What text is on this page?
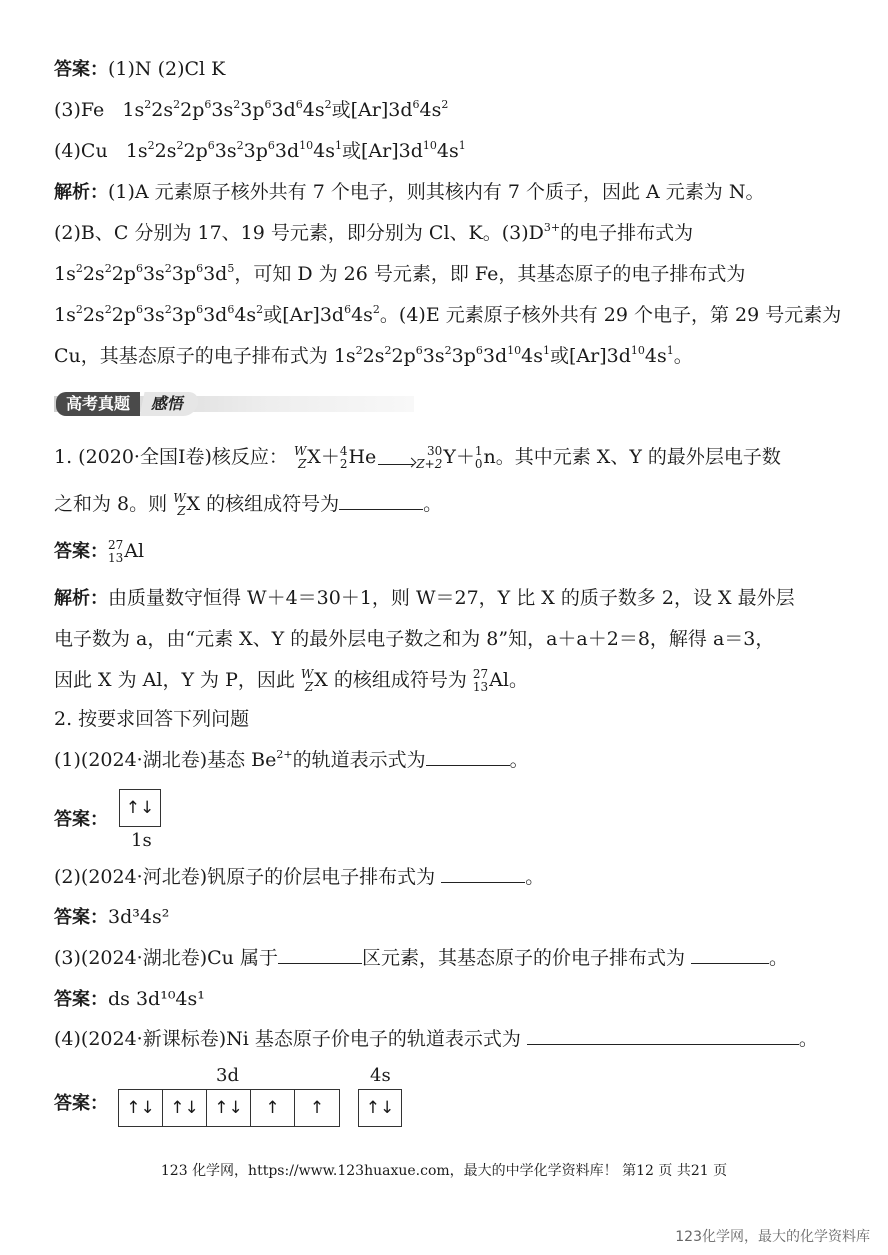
答案：(1)N (2)Cl K
(3)Fe   $1s^22s^22p^63s^23p^63d^64s^2$或$[Ar]3d^64s^2$
(4)Cu   $1s^22s^22p^63s^23p^63d^{10}4s^1$或$[Ar]3d^{10}4s^1$
解析：(1)A 元素原子核外共有 7 个电子，则其核内有 7 个质子，因此 A 元素为 N。
(2)B、C 分别为 17、19 号元素，即分别为 Cl、K。$(3)D^{3+}$的电子排布式为
$1s^22s^22p^63s^23p^63d^5$，可知 D 为 26 号元素，即 Fe，其基态原子的电子排布式为
$1s^22s^22p^63s^23p^63d^64s^2$或$[Ar]3d^64s^2$。(4)E 元素原子核外共有 29 个电子，第 29 号元素为
Cu，其基态原子的电子排布式为 $1s^22s^22p^63s^23p^63d^{10}4s^1$或$[Ar]3d^{10}4s^1$。
感悟
高考真题
1. (2020·全国Ⅰ卷)核反应： W
Z X＋ 4
2 He	30
Z+2 Y＋ 1
0 n。其中元素 X、Y 的最外层电子数
之和为 8。则 W
Z X 的核组成符号为	。
答案： 27
13 Al
解析：由质量数守恒得 W＋4＝30＋1，则 W＝27，Y 比 X 的质子数多 2，设 X 最外层
电子数为 a，由“元素 X、Y 的最外层电子数之和为 8”知，a＋a＋2＝8，解得 a＝3，
因此 X 为 Al，Y 为 P，因此 W
Z X 的核组成符号为 27
13 Al。
2. 按要求回答下列问题
(1)(2024·湖北卷)基态 $Be^{2+}$的轨道表示式为	。
答案：
↑↓
1s
(2)(2024·河北卷)钒原子的价层电子排布式为	。
答案：3d³4s²
(3)(2024·湖北卷)Cu 属于	区元素，其基态原子的价电子排布式为	。
答案：ds 3d¹⁰4s¹
(4)(2024·新课标卷)Ni 基态原子价电子的轨道表示式为	。
3d	4s
答案：	↑↓ ↑↓ ↑↓	↑	↑	↑↓
123 化学网，https://www.123huaxue.com，最大的中学化学资料库！ 第12 页 共21 页
123化学网，最大的化学资料库
